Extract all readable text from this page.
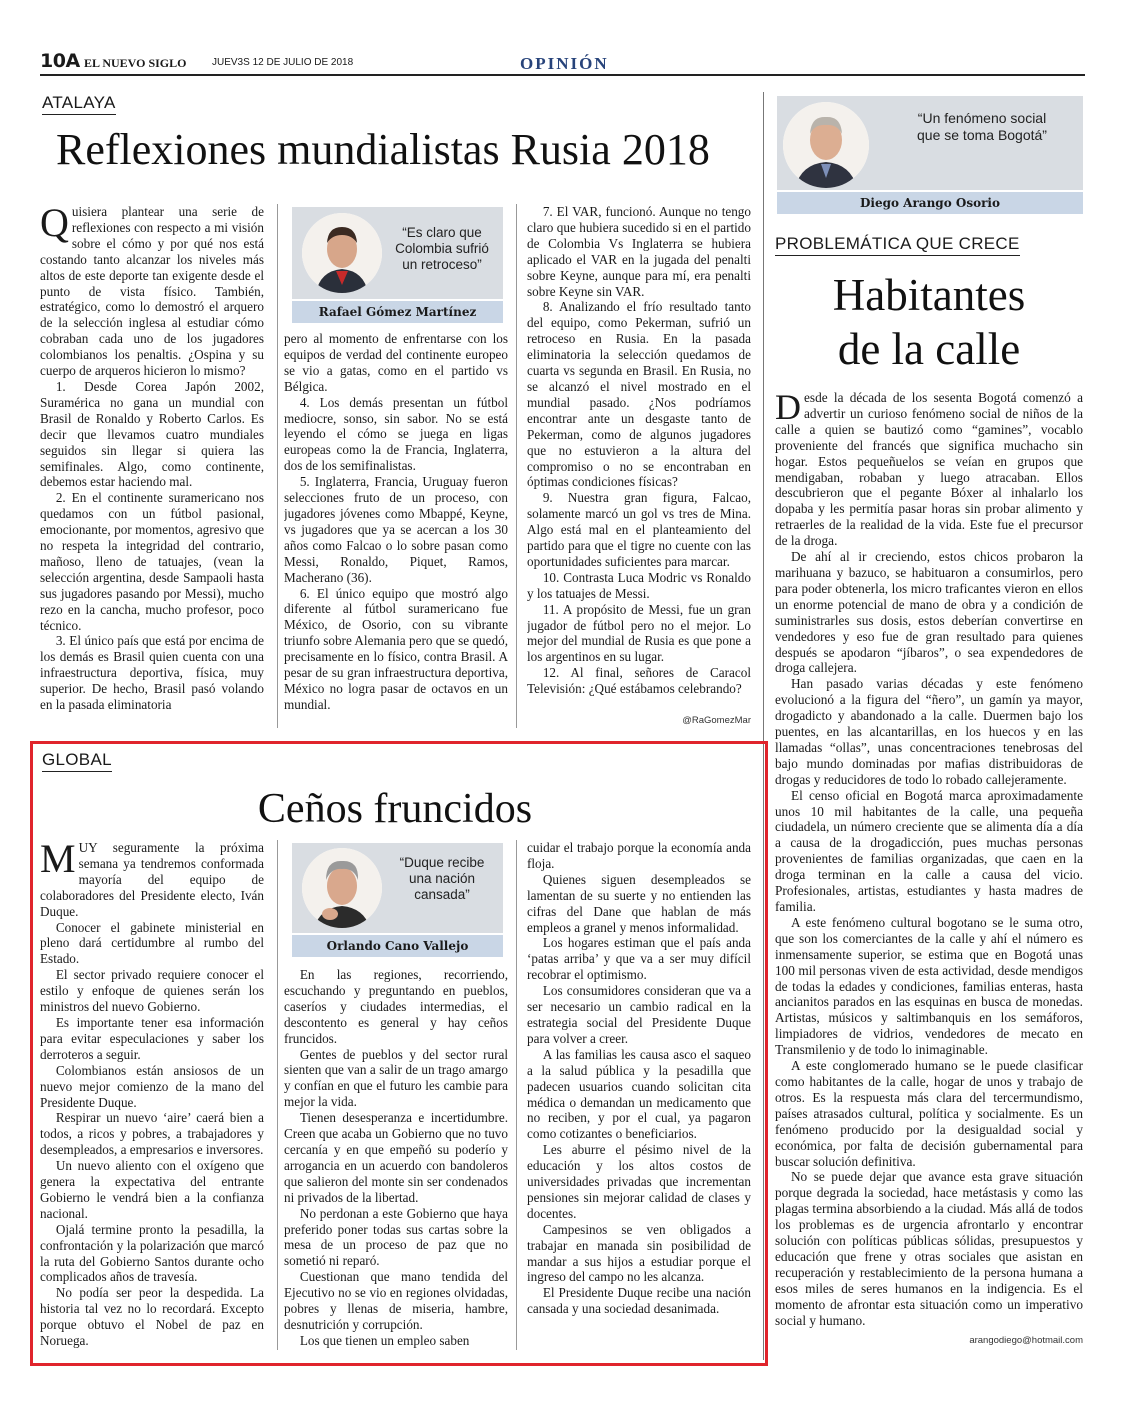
10A EL NUEVO SIGLO	JUEV3S 12 DE JULIO DE 2018	OPINIÓN
ATALAYA
Reflexiones mundialistas Rusia 2018

Quisiera plantear una serie de reflexiones con respecto a mi visión sobre el cómo y por qué nos está costando tanto alcanzar los niveles más altos de este deporte tan exigente desde el punto de vista físico. También, estratégico, como lo demostró el arquero de la selección inglesa al estudiar cómo cobraban cada uno de los jugadores colombianos los penaltis. ¿Ospina y su cuerpo de arqueros hicieron lo mismo?

1. Desde Corea Japón 2002, Suramérica no gana un mundial con Brasil de Ronaldo y Roberto Carlos. Es decir que llevamos cuatro mundiales seguidos sin llegar si quiera las semifinales. Algo, como continente, debemos estar haciendo mal.

2. En el continente suramericano nos quedamos con un fútbol pasional, emocionante, por momentos, agresivo que no respeta la integridad del contrario, mañoso, lleno de tatuajes, (vean la selección argentina, desde Sampaoli hasta sus jugadores pasando por Messi), mucho rezo en la cancha, mucho profesor, poco técnico.

3. El único país que está por encima de los demás es Brasil quien cuenta con una infraestructura deportiva, física, muy superior. De hecho, Brasil pasó volando en la pasada eliminatoria

“Es claro que Colombia sufrió un retroceso”
Rafael Gómez Martínez

pero al momento de enfrentarse con los equipos de verdad del continente europeo se vio a gatas, como en el partido vs Bélgica.

4. Los demás presentan un fútbol mediocre, sonso, sin sabor. No se está leyendo el cómo se juega en ligas europeas como la de Francia, Inglaterra, dos de los semifinalistas.

5. Inglaterra, Francia, Uruguay fueron selecciones fruto de un proceso, con jugadores jóvenes como Mbappé, Keyne, vs jugadores que ya se acercan a los 30 años como Falcao o lo sobre pasan como Messi, Ronaldo, Piquet, Ramos, Macherano (36).

6. El único equipo que mostró algo diferente al fútbol suramericano fue México, de Osorio, con su vibrante triunfo sobre Alemania pero que se quedó, precisamente en lo físico, contra Brasil. A pesar de su gran infraestructura deportiva, México no logra pasar de octavos en un mundial.

7. El VAR, funcionó. Aunque no tengo claro que hubiera sucedido si en el partido de Colombia Vs Inglaterra se hubiera aplicado el VAR en la jugada del penalti sobre Keyne, aunque para mí, era penalti sobre Keyne sin VAR.

8. Analizando el frío resultado tanto del equipo, como Pekerman, sufrió un retroceso en Rusia. En la pasada eliminatoria la selección quedamos de cuarta vs segunda en Brasil. En Rusia, no se alcanzó el nivel mostrado en el mundial pasado. ¿Nos podríamos encontrar ante un desgaste tanto de Pekerman, como de algunos jugadores que no estuvieron a la altura del compromiso o no se encontraban en óptimas condiciones físicas?

9. Nuestra gran figura, Falcao, solamente marcó un gol vs tres de Mina. Algo está mal en el planteamiento del partido para que el tigre no cuente con las oportunidades suficientes para marcar.

10. Contrasta Luca Modric vs Ronaldo y los tatuajes de Messi.

11. A propósito de Messi, fue un gran jugador de fútbol pero no el mejor. Lo mejor del mundial de Rusia es que pone a los argentinos en su lugar.

12. Al final, señores de Caracol Televisión: ¿Qué estábamos celebrando?

@RaGomezMar
GLOBAL
Ceños fruncidos

MUY seguramente la próxima semana ya tendremos conformada mayoría del equipo de colaboradores del Presidente electo, Iván Duque.

Conocer el gabinete ministerial en pleno dará certidumbre al rumbo del Estado.

El sector privado requiere conocer el estilo y enfoque de quienes serán los ministros del nuevo Gobierno.

Es importante tener esa información para evitar especulaciones y saber los derroteros a seguir.

Colombianos están ansiosos de un nuevo mejor comienzo de la mano del Presidente Duque.

Respirar un nuevo ‘aire’ caerá bien a todos, a ricos y pobres, a trabajadores y desempleados, a empresarios e inversores.

Un nuevo aliento con el oxígeno que genera la expectativa del entrante Gobierno le vendrá bien a la confianza nacional.

Ojalá termine pronto la pesadilla, la confrontación y la polarización que marcó la ruta del Gobierno Santos durante ocho complicados años de travesía.

No podía ser peor la despedida. La historia tal vez no lo recordará. Excepto porque obtuvo el Nobel de paz en Noruega.

“Duque recibe una nación cansada”
Orlando Cano Vallejo

En las regiones, recorriendo, escuchando y preguntando en pueblos, caseríos y ciudades intermedias, el descontento es general y hay ceños fruncidos.

Gentes de pueblos y del sector rural sienten que van a salir de un trago amargo y confían en que el futuro les cambie para mejor la vida.

Tienen desesperanza e incertidumbre. Creen que acaba un Gobierno que no tuvo cercanía y en que empeñó su poderío y arrogancia en un acuerdo con bandoleros que salieron del monte sin ser condenados ni privados de la libertad.

No perdonan a este Gobierno que haya preferido poner todas sus cartas sobre la mesa de un proceso de paz que no sometió ni reparó.

Cuestionan que mano tendida del Ejecutivo no se vio en regiones olvidadas, pobres y llenas de miseria, hambre, desnutrición y corrupción.

Los que tienen un empleo saben

cuidar el trabajo porque la economía anda floja.

Quienes siguen desempleados se lamentan de su suerte y no entienden las cifras del Dane que hablan de más empleos a granel y menos informalidad.

Los hogares estiman que el país anda ‘patas arriba’ y que va a ser muy difícil recobrar el optimismo.

Los consumidores consideran que va a ser necesario un cambio radical en la estrategia social del Presidente Duque para volver a creer.

A las familias les causa asco el saqueo a la salud pública y la pesadilla que padecen usuarios cuando solicitan cita médica o demandan un medicamento que no reciben, y por el cual, ya pagaron como cotizantes o beneficiarios.

Les aburre el pésimo nivel de la educación y los altos costos de universidades privadas que incrementan pensiones sin mejorar calidad de clases y docentes.

Campesinos se ven obligados a trabajar en manada sin posibilidad de mandar a sus hijos a estudiar porque el ingreso del campo no les alcanza.

El Presidente Duque recibe una nación cansada y una sociedad desanimada.

“Un fenómeno social que se toma Bogotá”
Diego Arango Osorio
PROBLEMÁTICA QUE CRECE
Habitantes
de la calle

Desde la década de los sesenta Bogotá comenzó a advertir un curioso fenómeno social de niños de la calle a quien se bautizó como “gamines”, vocablo proveniente del francés que significa muchacho sin hogar. Estos pequeñuelos se veían en grupos que mendigaban, robaban y luego atracaban. Ellos descubrieron que el pegante Bóxer al inhalarlo los dopaba y les permitía pasar horas sin probar alimento y retraerles de la realidad de la vida. Este fue el precursor de la droga.

De ahí al ir creciendo, estos chicos probaron la marihuana y bazuco, se habituaron a consumirlos, pero para poder obtenerla, los micro traficantes vieron en ellos un enorme potencial de mano de obra y a condición de suministrarles sus dosis, estos deberían convertirse en vendedores y eso fue de gran resultado para quienes después se apodaron “jíbaros”, o sea expendedores de droga callejera.

Han pasado varias décadas y este fenómeno evolucionó a la figura del “ñero”, un gamín ya mayor, drogadicto y abandonado a la calle. Duermen bajo los puentes, en las alcantarillas, en los huecos y en las llamadas “ollas”, unas concentraciones tenebrosas del bajo mundo dominadas por mafias distribuidoras de drogas y reducidores de todo lo robado callejeramente.

El censo oficial en Bogotá marca aproximadamente unos 10 mil habitantes de la calle, una pequeña ciudadela, un número creciente que se alimenta día a día a causa de la drogadicción, pues muchas personas provenientes de familias organizadas, que caen en la droga terminan en la calle a causa del vicio. Profesionales, artistas, estudiantes y hasta madres de familia.

A este fenómeno cultural bogotano se le suma otro, que son los comerciantes de la calle y ahí el número es inmensamente superior, se estima que en Bogotá unas 100 mil personas viven de esta actividad, desde mendigos de todas la edades y condiciones, familias enteras, hasta ancianitos parados en las esquinas en busca de monedas. Artistas, músicos y saltimbanquis en los semáforos, limpiadores de vidrios, vendedores de mecato en Transmilenio y de todo lo inimaginable.

A este conglomerado humano se le puede clasificar como habitantes de la calle, hogar de unos y trabajo de otros. Es la respuesta más clara del tercermundismo, países atrasados cultural, política y socialmente. Es un fenómeno producido por la desigualdad social y económica, por falta de decisión gubernamental para buscar solución definitiva.

No se puede dejar que avance esta grave situación porque degrada la sociedad, hace metástasis y como las plagas termina absorbiendo a la ciudad. Más allá de todos los problemas es de urgencia afrontarlo y encontrar solución con políticas públicas sólidas, presupuestos y educación que frene y otras sociales que asistan en recuperación y restablecimiento de la persona humana a esos miles de seres humanos en la indigencia. Es el momento de afrontar esta situación como un imperativo social y humano.

arangodiego@hotmail.com
